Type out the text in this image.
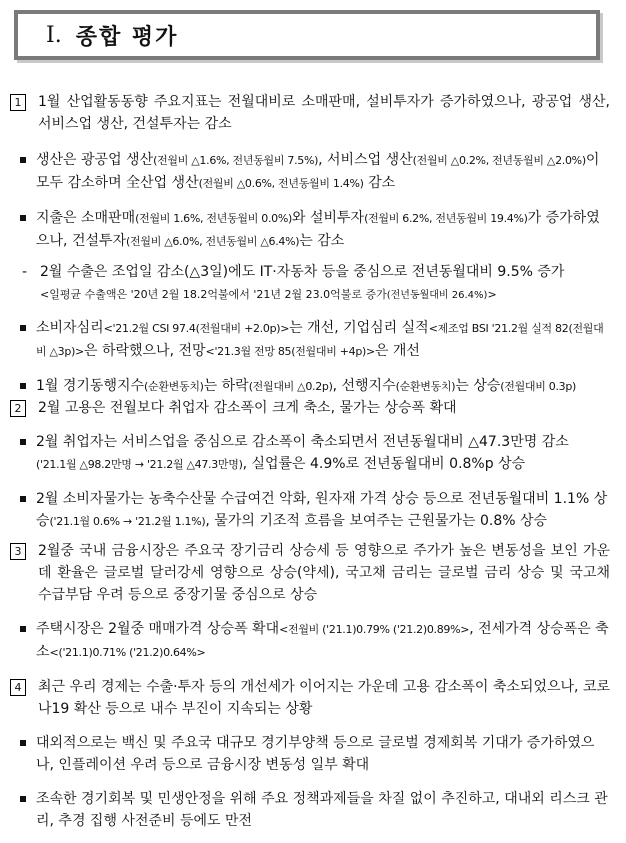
Ⅰ. 종합 평가
1	1월 산업활동동향 주요지표는 전월대비로 소매판매, 설비투자가 증가하였으나, 광공업 생산, 서비스업 생산, 건설투자는 감소
생산은 광공업 생산(전월비 △1.6%, 전년동월비 7.5%), 서비스업 생산(전월비 △0.2%, 전년동월비 △2.0%)이 모두 감소하며 全산업 생산(전월비 △0.6%, 전년동월비 1.4%) 감소
지출은 소매판매(전월비 1.6%, 전년동월비 0.0%)와 설비투자(전월비 6.2%, 전년동월비 19.4%)가 증가하였으나, 건설투자(전월비 △6.0%, 전년동월비 △6.4%)는 감소
- 2월 수출은 조업일 감소(△3일)에도 IT·자동차 등을 중심으로 전년동월대비 9.5% 증가
<일평균 수출액은 '20년 2월 18.2억불에서 '21년 2월 23.0억불로 증가(전년동월대비 26.4%)>
소비자심리<'21.2월 CSI 97.4(전월대비 +2.0p)>는 개선, 기업심리 실적<제조업 BSI '21.2월 실적 82(전월대비 △3p)>은 하락했으나, 전망<'21.3월 전망 85(전월대비 +4p)>은 개선
1월 경기동행지수(순환변동치)는 하락(전월대비 △0.2p), 선행지수(순환변동치)는 상승(전월대비 0.3p)
2	2월 고용은 전월보다 취업자 감소폭이 크게 축소, 물가는 상승폭 확대
2월 취업자는 서비스업을 중심으로 감소폭이 축소되면서 전년동월대비 △47.3만명 감소
('21.1월 △98.2만명 → '21.2월 △47.3만명), 실업률은 4.9%로 전년동월대비 0.8%p 상승
2월 소비자물가는 농축수산물 수급여건 악화, 원자재 가격 상승 등으로 전년동월대비 1.1% 상승('21.1월 0.6% → '21.2월 1.1%), 물가의 기조적 흐름을 보여주는 근원물가는 0.8% 상승
3	2월중 국내 금융시장은 주요국 장기금리 상승세 등 영향으로 주가가 높은 변동성을 보인 가운데 환율은 글로벌 달러강세 영향으로 상승(약세), 국고채 금리는 글로벌 금리 상승 및 국고채 수급부담 우려 등으로 중장기물 중심으로 상승
주택시장은 2월중 매매가격 상승폭 확대<전월비 ('21.1)0.79% ('21.2)0.89%>, 전세가격 상승폭은 축소<('21.1)0.71% ('21.2)0.64%>
4	최근 우리 경제는 수출·투자 등의 개선세가 이어지는 가운데 고용 감소폭이 축소되었으나, 코로나19 확산 등으로 내수 부진이 지속되는 상황
대외적으로는 백신 및 주요국 대규모 경기부양책 등으로 글로벌 경제회복 기대가 증가하였으나, 인플레이션 우려 등으로 금융시장 변동성 일부 확대
조속한 경기회복 및 민생안정을 위해 주요 정책과제들을 차질 없이 추진하고, 대내외 리스크 관리, 추경 집행 사전준비 등에도 만전
